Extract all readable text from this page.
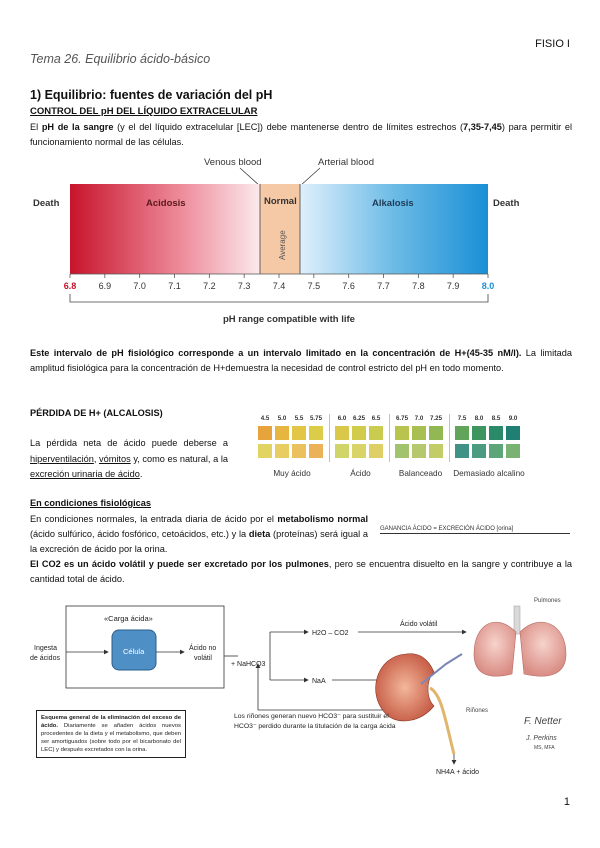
FISIO I
Tema 26. Equilibrio ácido-básico
1) Equilibrio: fuentes de variación del pH
CONTROL DEL pH DEL LÍQUIDO EXTRACELULAR
El pH de la sangre (y el del líquido extracelular [LEC]) debe mantenerse dentro de límites estrechos (7,35-7,45) para permitir el funcionamiento normal de las células.
Venous blood	Arterial blood
Death	Death
Acidosis	Normal
Average
Alkalosis
6.8 6.9 7.0 7.1 7.2 7.3 7.4 7.5 7.6 7.7 7.8 7.9 8.0
pH range compatible with life
Este intervalo de pH fisiológico corresponde a un intervalo limitado en la concentración de H+(45-35 nM/l). La limitada amplitud fisiológica para la concentración de H+demuestra la necesidad de control estricto del pH en todo momento.
PÉRDIDA DE H+ (ALCALOSIS)
La pérdida neta de ácido puede deberse a hiperventilación, vómitos y, como es natural, a la excreción urinaria de ácido.
4.5 5.0 5.5 5.75
Muy ácido
6.0 6.25 6.5
Ácido
6.75 7.0 7.25
Balanceado
7.5 8.0 8.5 9.0
Demasiado alcalino
En condiciones fisiológicas
En condiciones normales, la entrada diaria de ácido por el metabolismo normal (ácido sulfúrico, ácido fosfórico, cetoácidos, etc.) y la dieta (proteínas) será igual a la excreción de ácido por la orina.
GANANCIA ÁCIDO = EXCRECIÓN ÁCIDO [orina]
El CO2 es un ácido volátil y puede ser excretado por los pulmones, pero se encuentra disuelto en la sangre y contribuye a la cantidad total de ácido.
«Carga ácida»
Ingesta
de ácidos
Célula	Ácido no
volátil
+ NaHCO3
H2O – CO2
Ácido volátil
NaA
Pulmones
Riñones
Los riñones generan nuevo HCO3⁻ para sustituir el
HCO3⁻ perdido durante la titulación de la carga ácida
NH4A + ácido
F. Netter
J. Perkins
MS, MFA
Esquema general de la eliminación del exceso de ácido. Diariamente se añaden ácidos nuevos procedentes de la dieta y el metabolismo, que deben ser amortiguados (sobre todo por el bicarbonato del LEC) y después excretados con la orina.
1
